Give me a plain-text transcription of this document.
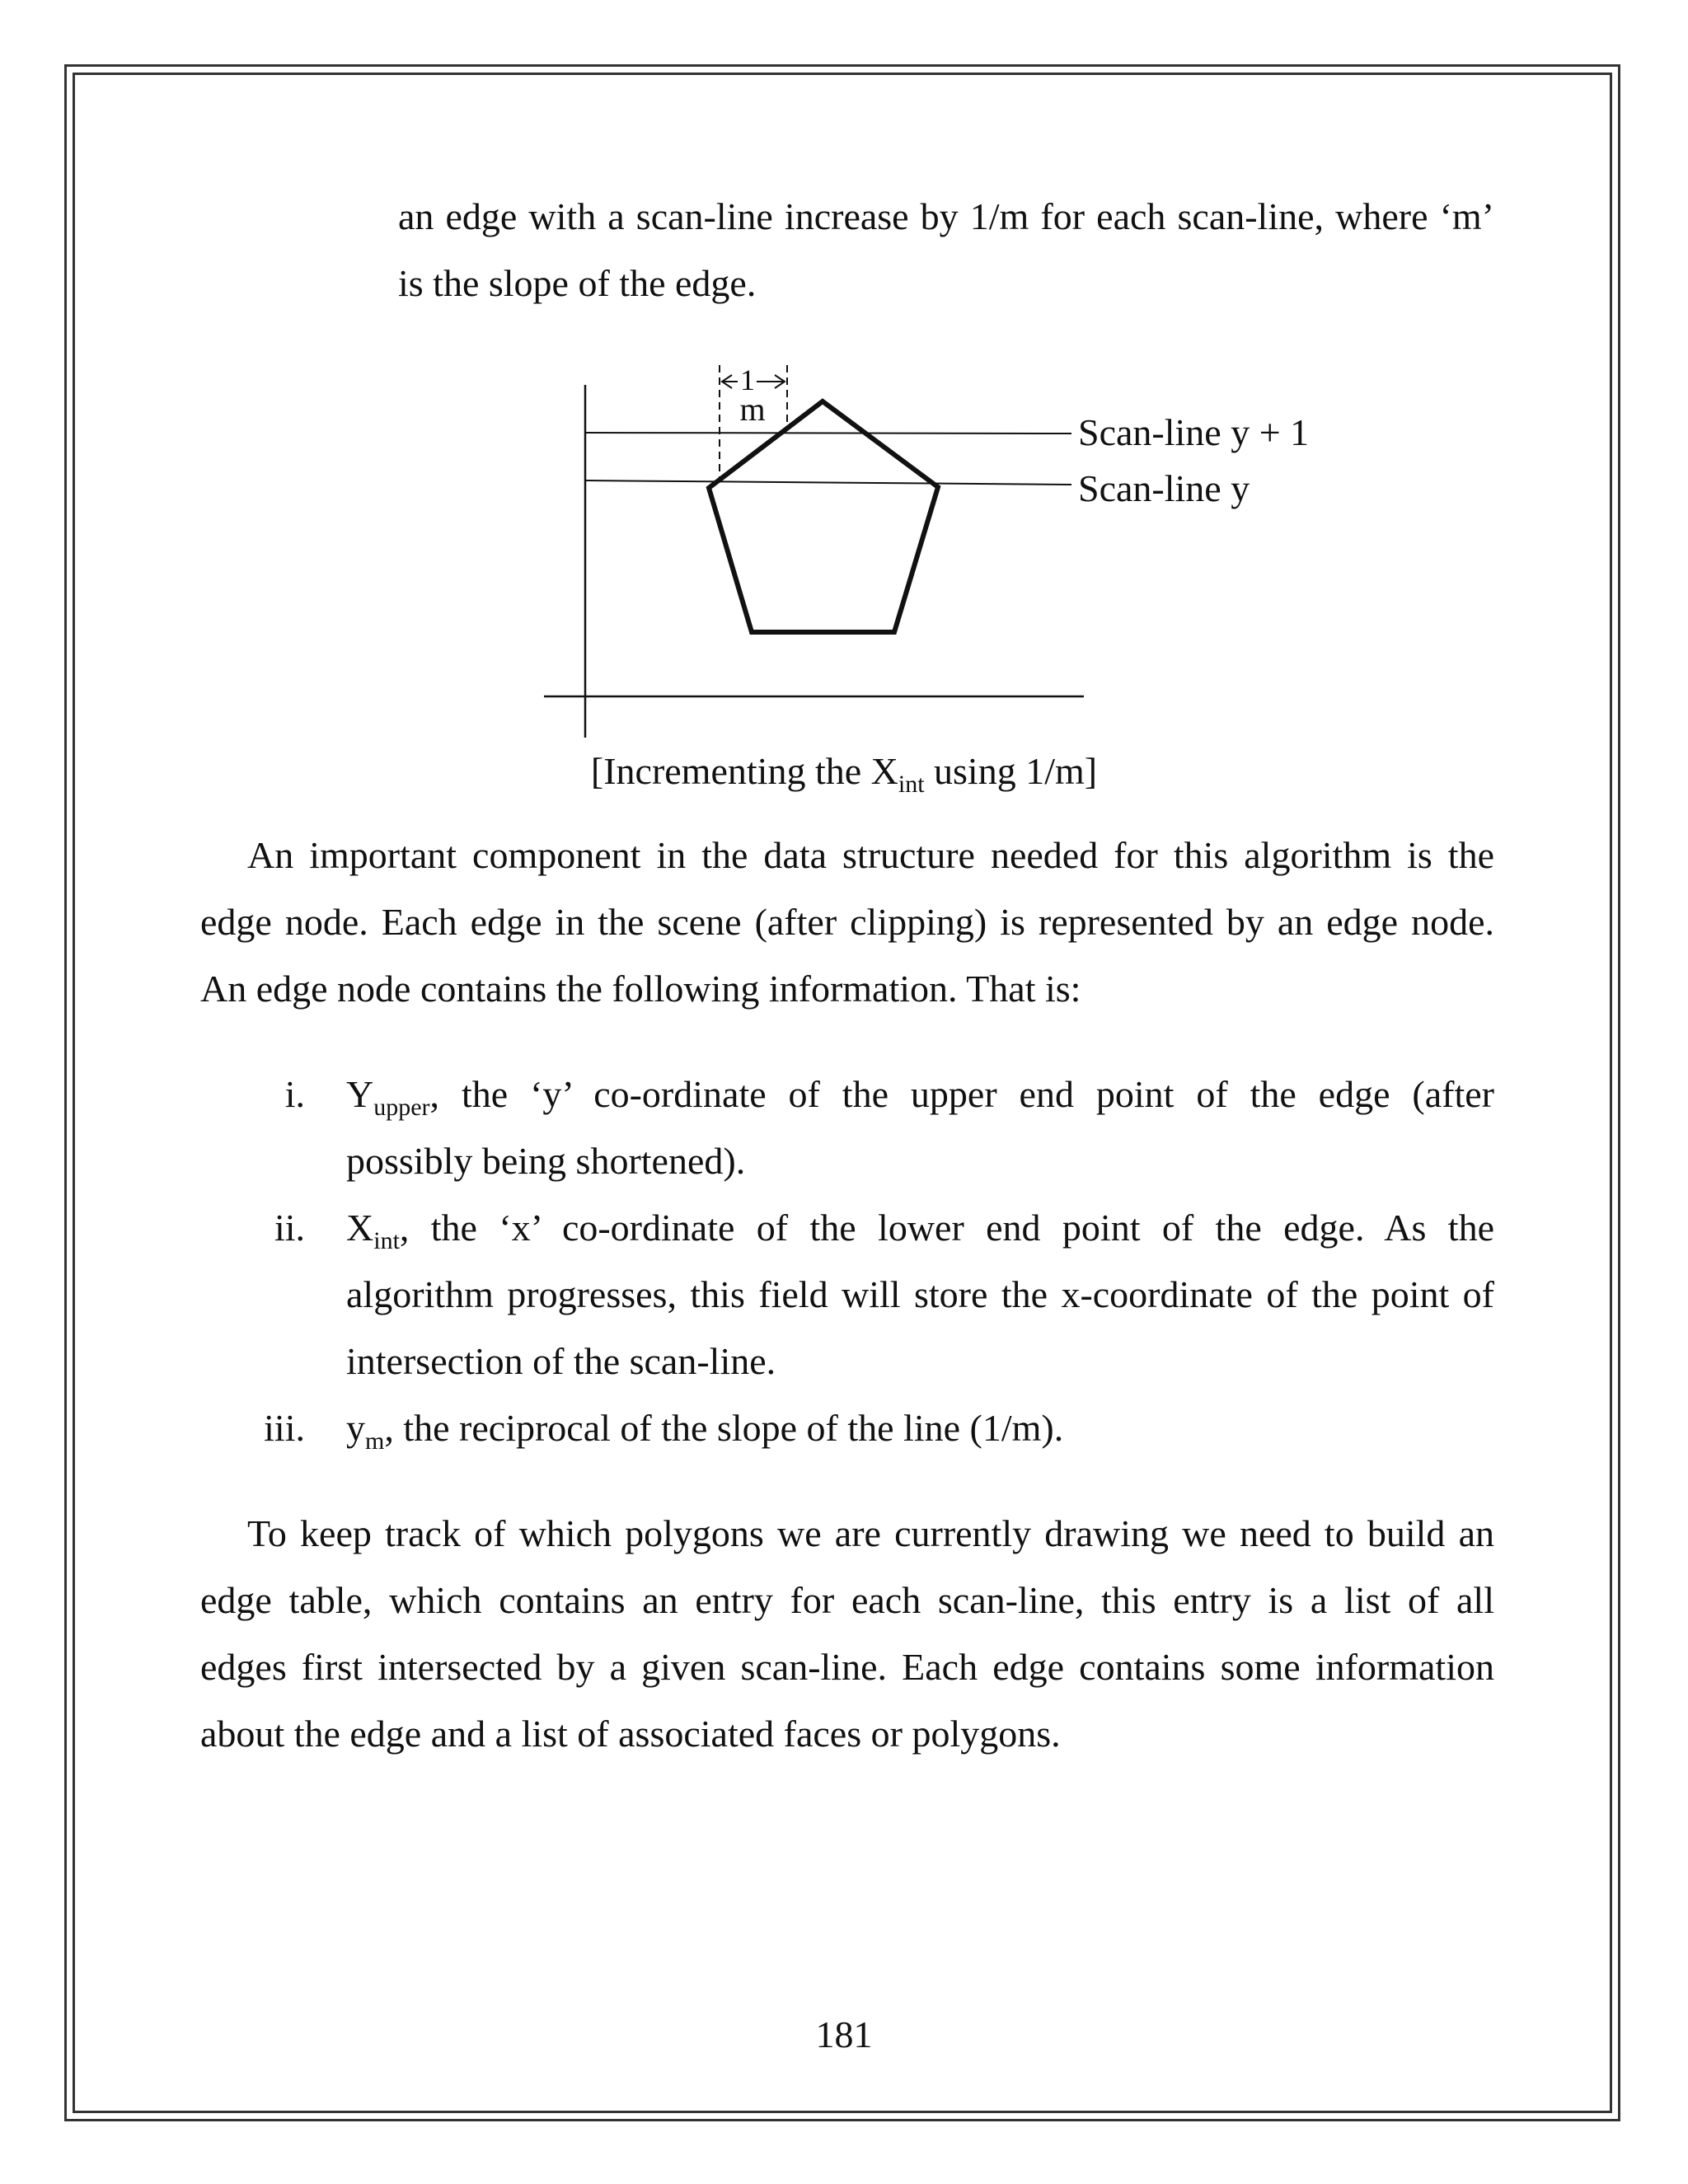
an edge with a scan-line increase by 1/m for each scan-line, where ‘m’
is the slope of the edge.
1
m
Scan-line y + 1
Scan-line y
[Incrementing the $X_{int}$ using 1/m]
An important component in the data structure needed for this algorithm is the
edge node. Each edge in the scene (after clipping) is represented by an edge node.
An edge node contains the following information. That is:
i. $Y_{upper}$, the ‘y’ co-ordinate of the upper end point of the edge (after
possibly being shortened).
ii. $X_{int}$, the ‘x’ co-ordinate of the lower end point of the edge. As the
algorithm progresses, this field will store the x-coordinate of the point of
intersection of the scan-line.
iii. $y_m$, the reciprocal of the slope of the line (1/m).
To keep track of which polygons we are currently drawing we need to build an
edge table, which contains an entry for each scan-line, this entry is a list of all
edges first intersected by a given scan-line. Each edge contains some information
about the edge and a list of associated faces or polygons.
181
